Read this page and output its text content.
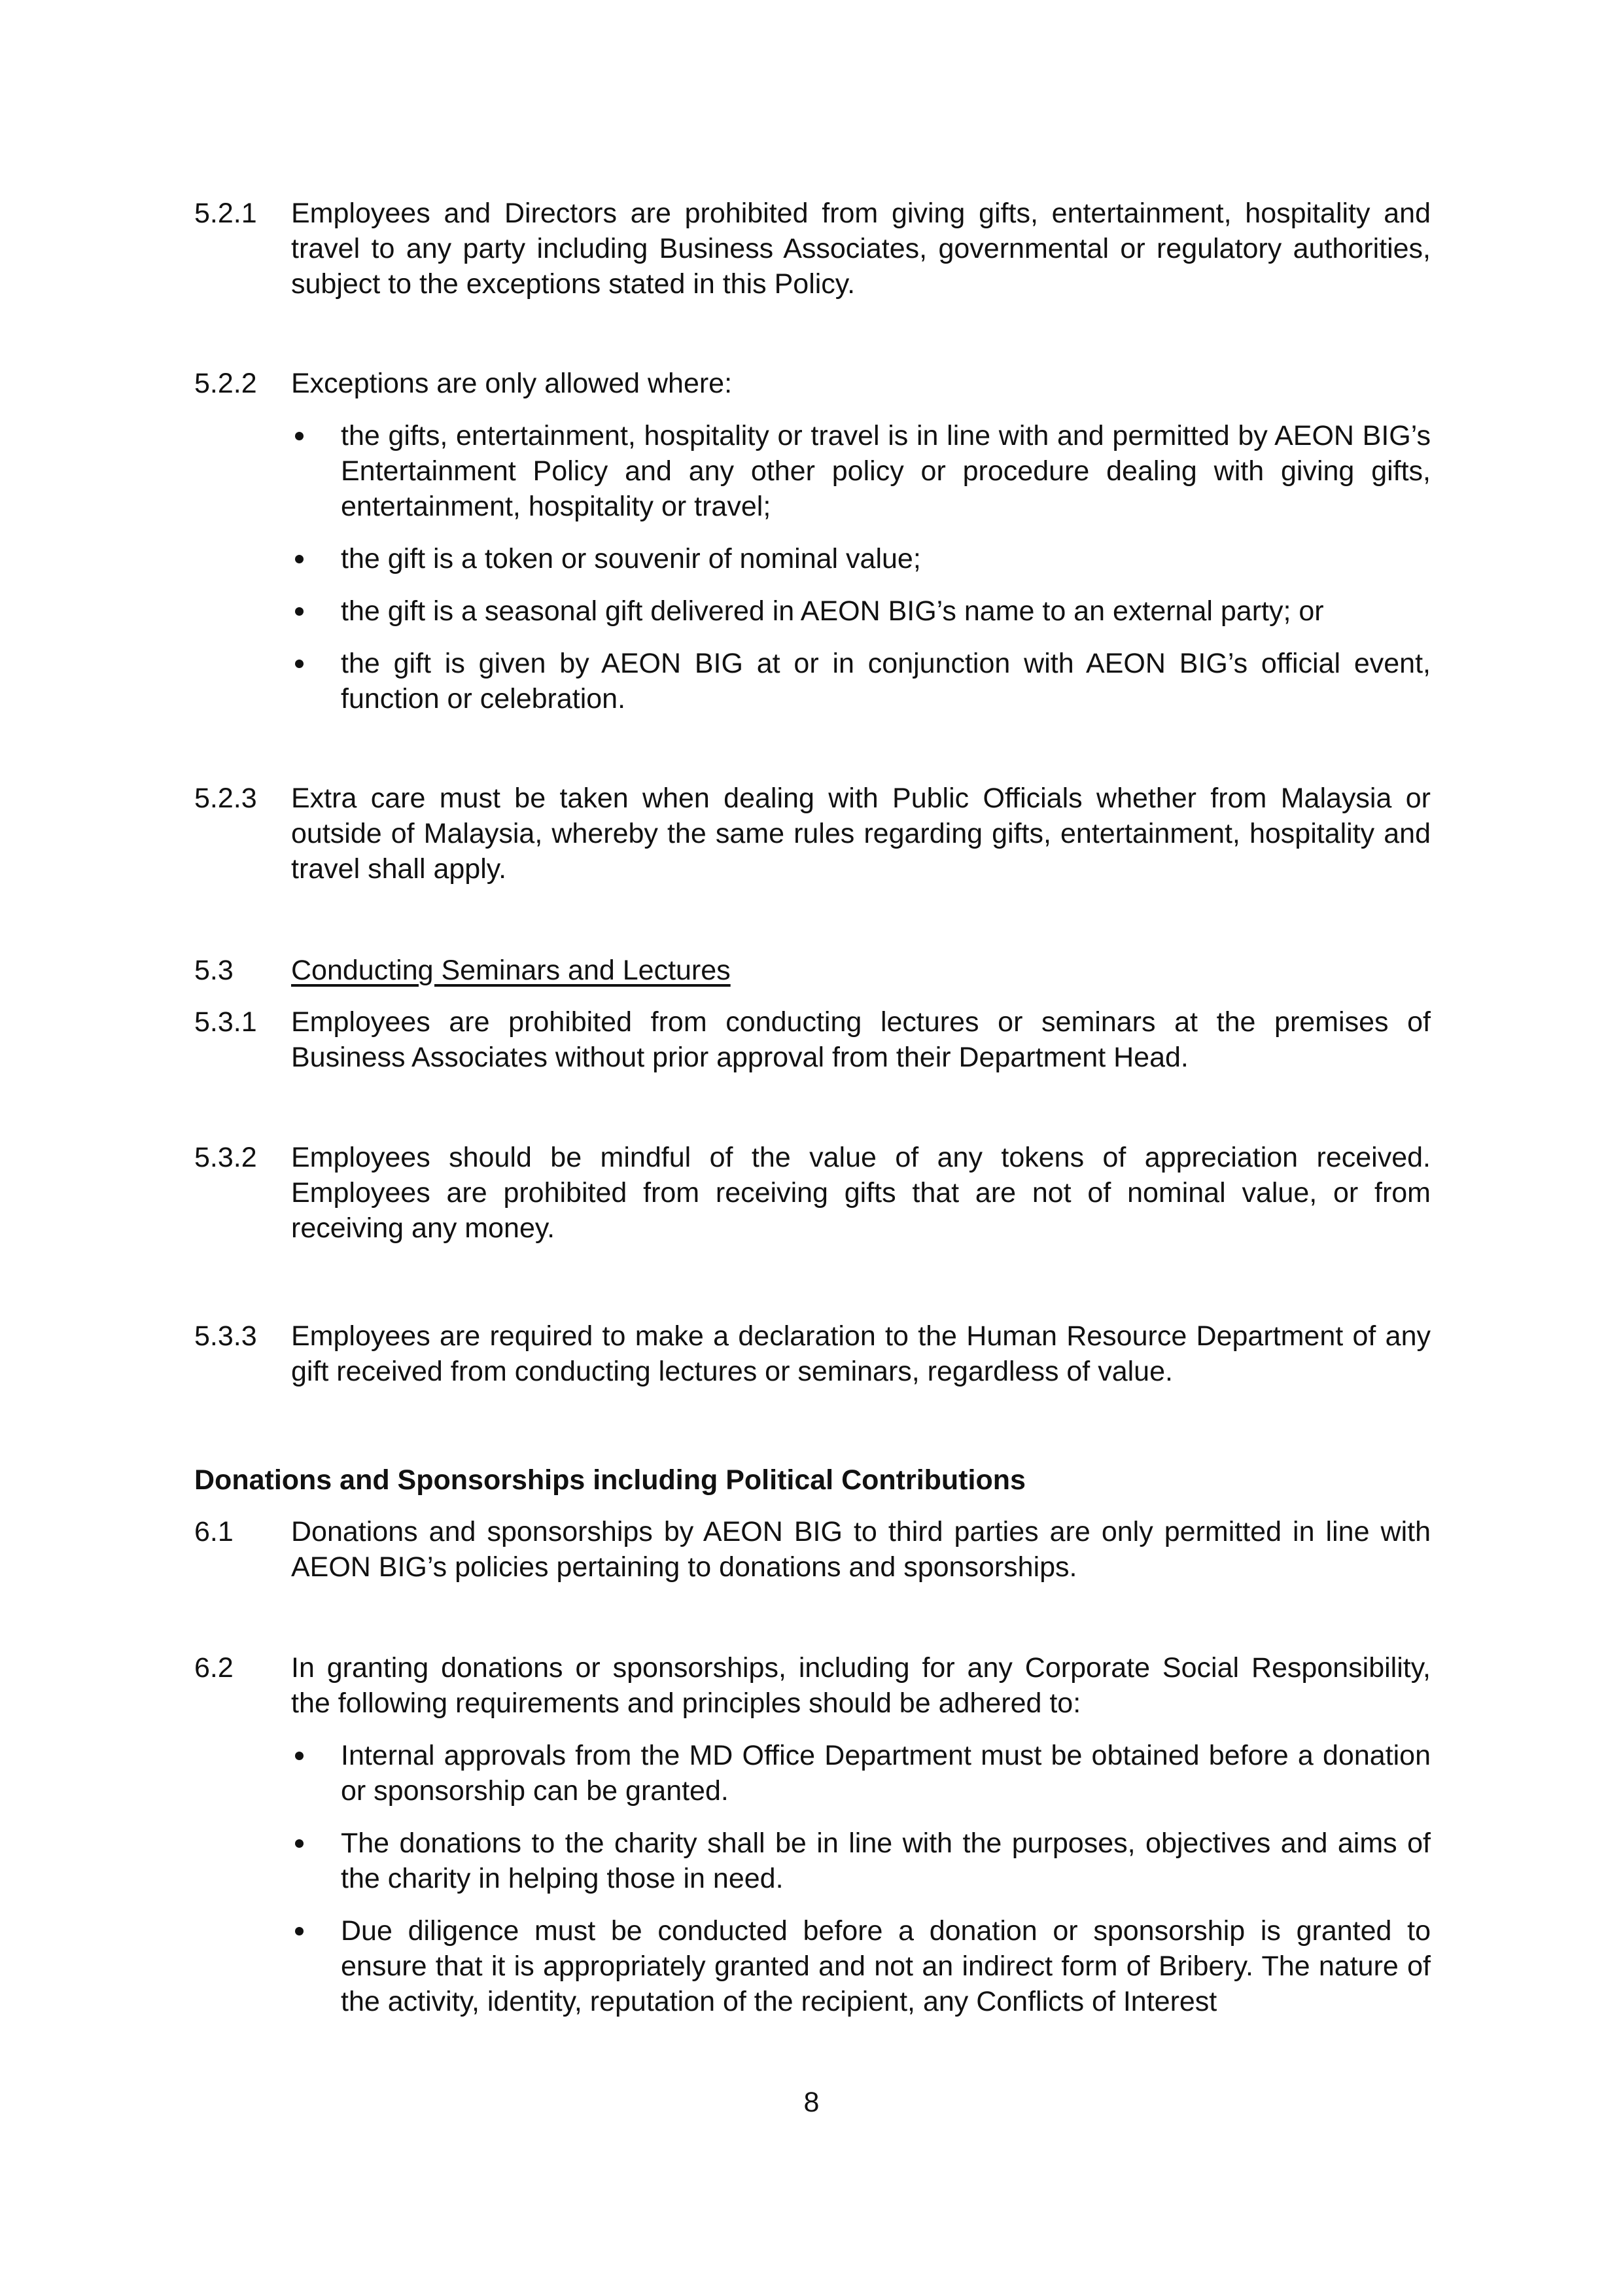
5.2.1 Employees and Directors are prohibited from giving gifts, entertainment, hospitality and travel to any party including Business Associates, governmental or regulatory authorities, subject to the exceptions stated in this Policy.
5.2.2 Exceptions are only allowed where:
the gifts, entertainment, hospitality or travel is in line with and permitted by AEON BIG’s Entertainment Policy and any other policy or procedure dealing with giving gifts, entertainment, hospitality or travel;
the gift is a token or souvenir of nominal value;
the gift is a seasonal gift delivered in AEON BIG’s name to an external party; or
the gift is given by AEON BIG at or in conjunction with AEON BIG’s official event, function or celebration.
5.2.3 Extra care must be taken when dealing with Public Officials whether from Malaysia or outside of Malaysia, whereby the same rules regarding gifts, entertainment, hospitality and travel shall apply.
5.3 Conducting Seminars and Lectures
5.3.1 Employees are prohibited from conducting lectures or seminars at the premises of Business Associates without prior approval from their Department Head.
5.3.2 Employees should be mindful of the value of any tokens of appreciation received. Employees are prohibited from receiving gifts that are not of nominal value, or from receiving any money.
5.3.3 Employees are required to make a declaration to the Human Resource Department of any gift received from conducting lectures or seminars, regardless of value.
Donations and Sponsorships including Political Contributions
6.1 Donations and sponsorships by AEON BIG to third parties are only permitted in line with AEON BIG’s policies pertaining to donations and sponsorships.
6.2 In granting donations or sponsorships, including for any Corporate Social Responsibility, the following requirements and principles should be adhered to:
Internal approvals from the MD Office Department must be obtained before a donation or sponsorship can be granted.
The donations to the charity shall be in line with the purposes, objectives and aims of the charity in helping those in need.
Due diligence must be conducted before a donation or sponsorship is granted to ensure that it is appropriately granted and not an indirect form of Bribery. The nature of the activity, identity, reputation of the recipient, any Conflicts of Interest
8
